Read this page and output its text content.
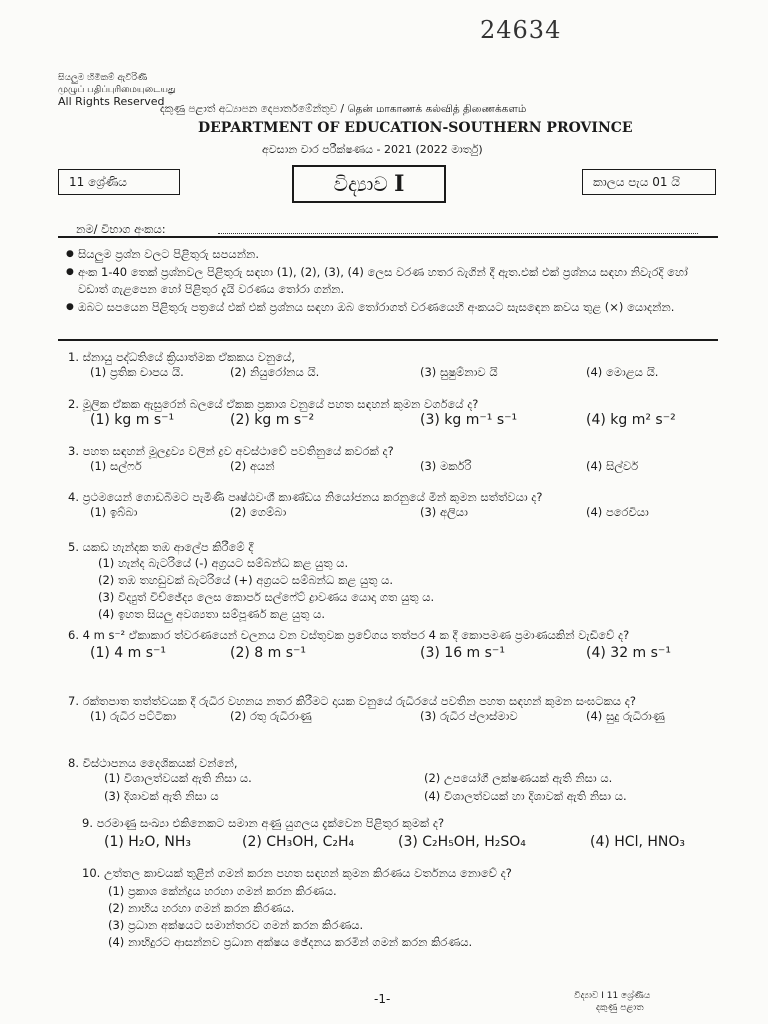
24634
සියලුම හිමිකම් ඇවිරිණි
முழுப் பதிப்புரிமையுடையது
All Rights Reserved
දකුණු පළාත් අධ්‍යාපන දෙපාර්තමේන්තුව / தென் மாகாணக் கல்வித் திணைக்களம்
DEPARTMENT OF EDUCATION-SOUTHERN PROVINCE
අවසාන වාර පරීක්ෂණය - 2021 (2022 මාර්තු)
11 ශ්‍රේණිය	විද්‍යාව I	කාලය පැය 01 යි
නම/ විභාග අංකය:
● සියලුම ප්‍රශ්න වලට පිළිතුරු සපයන්න.
● අංක 1-40 තෙක් ප්‍රශ්නවල පිළිතුරු සඳහා (1), (2), (3), (4) ලෙස වරණ හතර බැගින් දී ඇත.එක් එක් ප්‍රශ්නය සඳහා නිවැරදි හෝ වඩාත් ගැළපෙන හෝ පිළිතුර දැයි වරණය තෝරා ගන්න.
● ඔබට සපයෙන පිළිතුරු පත්‍රයේ එක් එක් ප්‍රශ්නය සඳහා ඔබ තෝරාගත් වරණයෙහි අංකයට සැසඳෙන කවය තුළ (×) යොදන්න.
1. ස්නායු පද්ධතියේ ක්‍රියාත්මක ඒකකය වනුයේ,
(1) ප්‍රතික චාපය යි.	(2) නියුරෝනය යි.	(3) සුෂුම්නාව යි	(4) මොළය යි.
2. මූලික ඒකක ඇසුරෙන් බලයේ ඒකක ප්‍රකාශ වනුයේ පහත සඳහන් කුමන වර්ගයේ ද?
(1) kg m s⁻¹	(2) kg m s⁻²	(3) kg m⁻¹ s⁻¹	(4) kg m² s⁻²
3. පහත සඳහන් මූලද්‍රව්‍ය වලින් ද්‍රව අවස්ථාවේ පවතිනුයේ කවරක් ද?
(1) සල්ෆර්	(2) අයන්	(3) මර්කරි	(4) සිල්වර්
4. ප්‍රථමයෙන් ගොඩබිමට පැමිණි පෘෂ්ඨවංශී කාණ්ඩය නියෝජනය කරනුයේ මින් කුමන සත්ත්වයා ද?
(1) ඉබ්බා	(2) ගෙම්බා	(3) අලියා	(4) පරෙවියා
5. යකඩ හැන්දක තඹ ආලේප කිරීමේ දී
(1) හැන්ද බැටරියේ (-) අග්‍රයට සම්බන්ධ කළ යුතු ය.
(2) තඹ තහඩුවක් බැටරියේ (+) අග්‍රයට සම්බන්ධ කළ යුතු ය.
(3) විද්‍යුත් විච්ඡේද්‍ය ලෙස කොපර් සල්ෆේට් ද්‍රාවණය යොදා ගත යුතු ය.
(4) ඉහත සියලු අවශ්‍යතා සම්පූර්ණ කළ යුතු ය.
6. 4 m s⁻² ඒකාකාර ත්වරණයෙන් චලනය වන වස්තුවක ප්‍රවේගය තත්පර 4 ක දී කොපමණ ප්‍රමාණයකින් වැඩිවේ ද?
(1) 4 m s⁻¹	(2) 8 m s⁻¹	(3) 16 m s⁻¹	(4) 32 m s⁻¹
7. රක්තපාත තත්ත්වයක දී රුධිර වහනය නතර කිරීමට දායක වනුයේ රුධිරයේ පවතින පහත සඳහන් කුමන සංඝටකය ද?
(1) රුධිර පට්ටිකා	(2) රතු රුධිරාණු	(3) රුධිර ප්ලාස්මාව	(4) සුදු රුධිරාණු
8. විස්ථාපනය දෛශිකයක් වන්නේ,
(1) විශාලත්වයක් ඇති නිසා ය.	(2) උපයෝගී ලක්ෂණයක් ඇති නිසා ය.
(3) දිශාවක් ඇති නිසා ය	(4) විශාලත්වයක් හා දිශාවක් ඇති නිසා ය.
9. පරමාණු සංඛ්‍යා එකිනෙකට සමාන අණු යුගලය දැක්වෙන පිළිතුර කුමක් ද?
(1) H₂O, NH₃	(2) CH₃OH, C₂H₄	(3) C₂H₅OH, H₂SO₄	(4) HCl, HNO₃
10. උත්තල කාචයක් තුළින් ගමන් කරන පහත සඳහන් කුමන කිරණය වර්තනය නොවේ ද?
(1) ප්‍රකාශ කේන්ද්‍රය හරහා ගමන් කරන කිරණය.
(2) නාභිය හරහා ගමන් කරන කිරණය.
(3) ප්‍රධාන අක්ෂයට සමාන්තරව ගමන් කරන කිරණය.
(4) නාභිදුරට ආසන්නව ප්‍රධාන අක්ෂය ඡේදනය කරමින් ගමන් කරන කිරණය.
-1-	විද්‍යාව I 11 ශ්‍රේණිය
දකුණු පළාත
